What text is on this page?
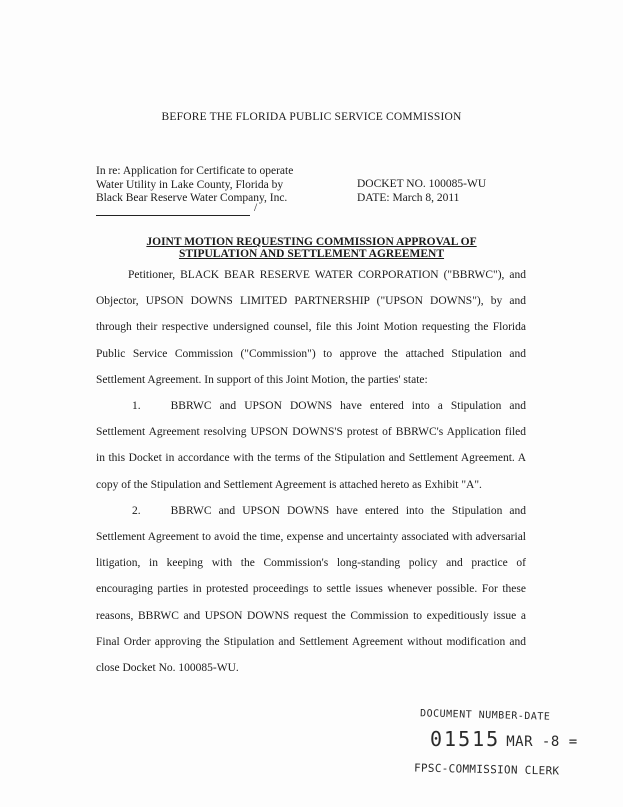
BEFORE THE FLORIDA PUBLIC SERVICE COMMISSION
In re: Application for Certificate to operate
Water Utility in Lake County, Florida by
Black Bear Reserve Water Company, Inc.
/
DOCKET NO. 100085-WU
DATE: March 8, 2011
JOINT MOTION REQUESTING COMMISSION APPROVAL OF
STIPULATION AND SETTLEMENT AGREEMENT
Petitioner, BLACK BEAR RESERVE WATER CORPORATION ("BBRWC"), and Objector, UPSON DOWNS LIMITED PARTNERSHIP ("UPSON DOWNS"), by and through their respective undersigned counsel, file this Joint Motion requesting the Florida Public Service Commission ("Commission") to approve the attached Stipulation and Settlement Agreement. In support of this Joint Motion, the parties' state:
1.	BBRWC and UPSON DOWNS have entered into a Stipulation and Settlement Agreement resolving UPSON DOWNS'S protest of BBRWC's Application filed in this Docket in accordance with the terms of the Stipulation and Settlement Agreement. A copy of the Stipulation and Settlement Agreement is attached hereto as Exhibit "A".
2.	BBRWC and UPSON DOWNS have entered into the Stipulation and Settlement Agreement to avoid the time, expense and uncertainty associated with adversarial litigation, in keeping with the Commission's long-standing policy and practice of encouraging parties in protested proceedings to settle issues whenever possible. For these reasons, BBRWC and UPSON DOWNS request the Commission to expeditiously issue a Final Order approving the Stipulation and Settlement Agreement without modification and close Docket No. 100085-WU.
DOCUMENT NUMBER-DATE
01515 MAR -8 =
FPSC-COMMISSION CLERK
